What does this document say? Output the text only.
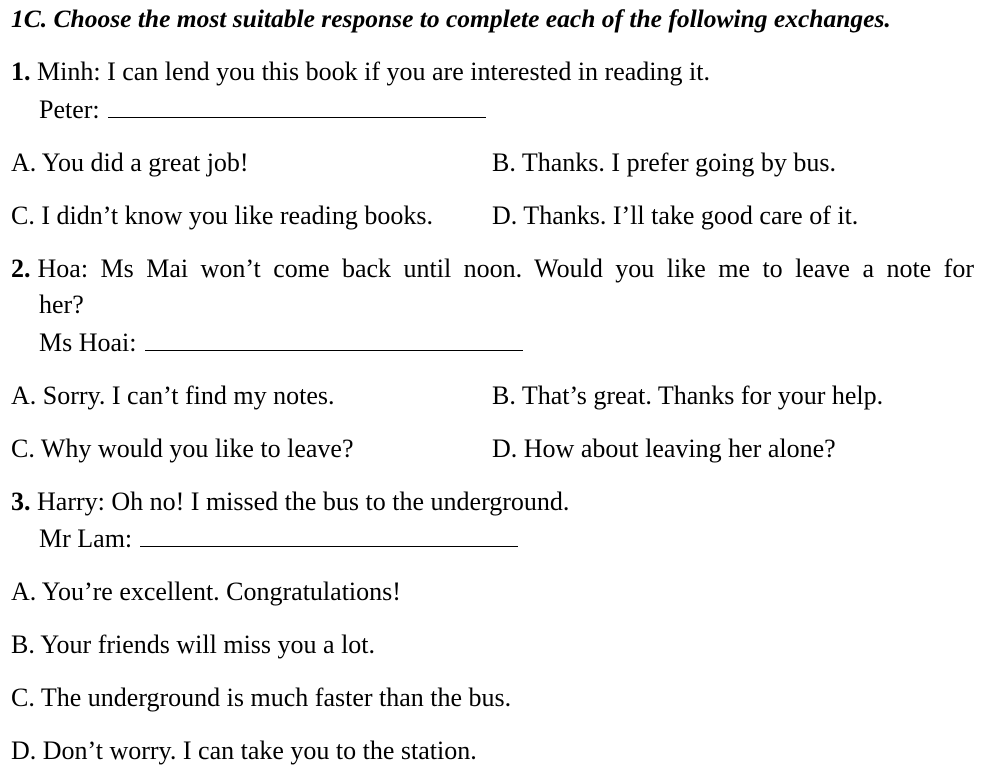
1C. Choose the most suitable response to complete each of the following exchanges.
1. Minh: I can lend you this book if you are interested in reading it.
Peter:
A. You did a great job!	B. Thanks. I prefer going by bus.
C. I didn’t know you like reading books. D. Thanks. I’ll take good care of it.
2. Hoa: Ms Mai won’t come back until noon. Would you like me to leave a note for
her?
Ms Hoai:
A. Sorry. I can’t find my notes.	B. That’s great. Thanks for your help.
C. Why would you like to leave?	D. How about leaving her alone?
3. Harry: Oh no! I missed the bus to the underground.
Mr Lam:
A. You’re excellent. Congratulations!
B. Your friends will miss you a lot.
C. The underground is much faster than the bus.
D. Don’t worry. I can take you to the station.
